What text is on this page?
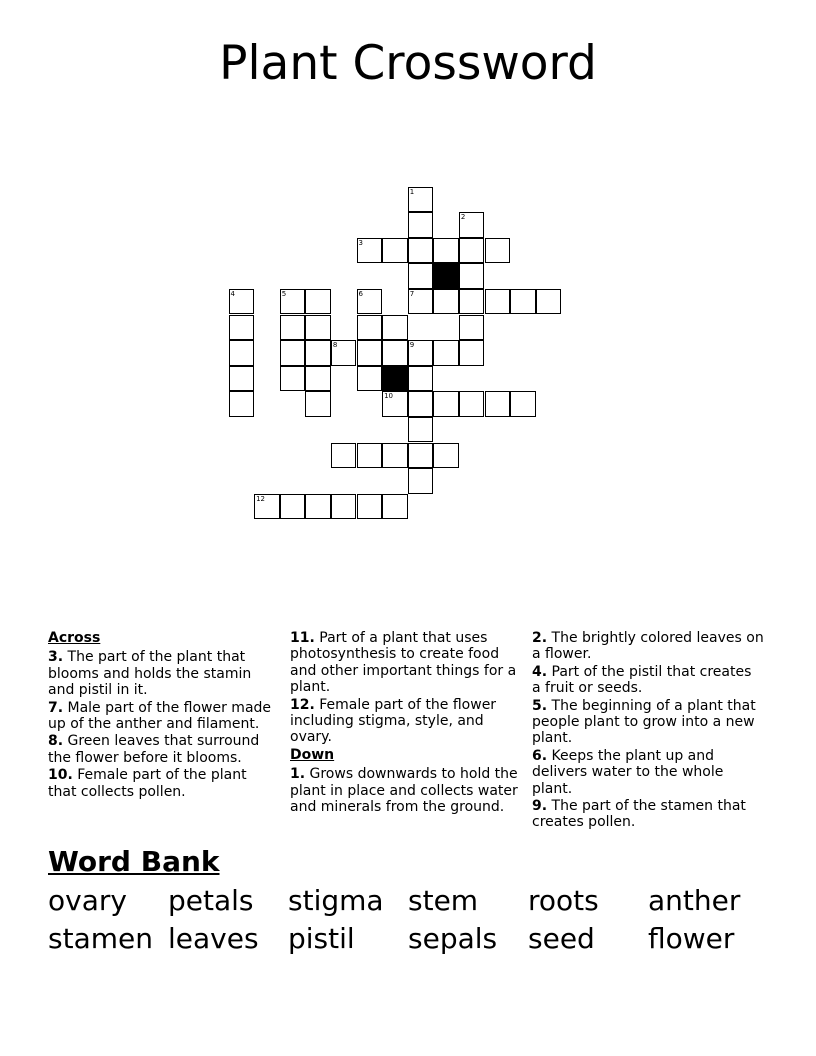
Plant Crossword
1
2
3
6	7
8	9
10
12
4	5
Across
3. The part of the plant that blooms and holds the stamin and pistil in it.
7. Male part of the flower made up of the anther and filament.
8. Green leaves that surround the flower before it blooms.
10. Female part of the plant that collects pollen.
11. Part of a plant that uses photosynthesis to create food and other important things for a plant.
12. Female part of the flower including stigma, style, and ovary.
Down
1. Grows downwards to hold the plant in place and collects water and minerals from the ground.
2. The brightly colored leaves on a flower.
4. Part of the pistil that creates a fruit or seeds.
5. The beginning of a plant that people plant to grow into a new plant.
6. Keeps the plant up and delivers water to the whole plant.
9. The part of the stamen that creates pollen.
Word Bank
ovary	petals	stigma stem	roots	anther
stamen leaves	pistil	sepals	seed	flower
